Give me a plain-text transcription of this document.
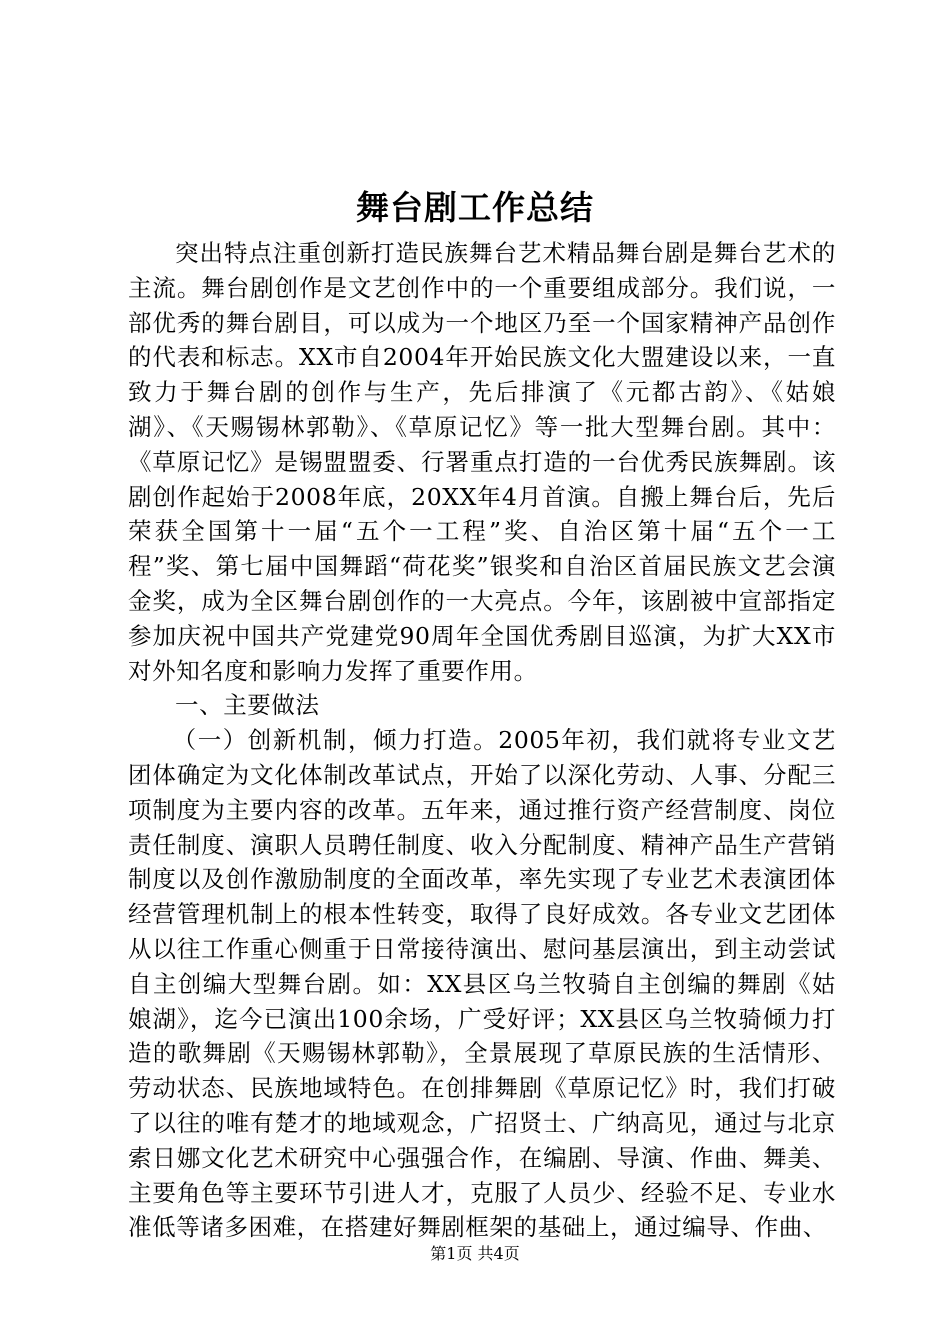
舞台剧工作总结

突出特点注重创新打造民族舞台艺术精品舞台剧是舞台艺术的主流。舞台剧创作是文艺创作中的一个重要组成部分。我们说，一部优秀的舞台剧目，可以成为一个地区乃至一个国家精神产品创作的代表和标志。XX市自2004年开始民族文化大盟建设以来，一直致力于舞台剧的创作与生产，先后排演了《元都古韵》、《姑娘湖》、《天赐锡林郭勒》、《草原记忆》等一批大型舞台剧。其中：《草原记忆》是锡盟盟委、行署重点打造的一台优秀民族舞剧。该剧创作起始于2008年底，20XX年4月首演。自搬上舞台后，先后荣获全国第十一届“五个一工程”奖、自治区第十届“五个一工程”奖、第七届中国舞蹈“荷花奖”银奖和自治区首届民族文艺会演金奖，成为全区舞台剧创作的一大亮点。今年，该剧被中宣部指定参加庆祝中国共产党建党90周年全国优秀剧目巡演，为扩大XX市对外知名度和影响力发挥了重要作用。

一、主要做法

（一）创新机制，倾力打造。2005年初，我们就将专业文艺团体确定为文化体制改革试点，开始了以深化劳动、人事、分配三项制度为主要内容的改革。五年来，通过推行资产经营制度、岗位责任制度、演职人员聘任制度、收入分配制度、精神产品生产营销制度以及创作激励制度的全面改革，率先实现了专业艺术表演团体经营管理机制上的根本性转变，取得了良好成效。各专业文艺团体从以往工作重心侧重于日常接待演出、慰问基层演出，到主动尝试自主创编大型舞台剧。如：XX县区乌兰牧骑自主创编的舞剧《姑娘湖》，迄今已演出100余场，广受好评；XX县区乌兰牧骑倾力打造的歌舞剧《天赐锡林郭勒》，全景展现了草原民族的生活情形、劳动状态、民族地域特色。在创排舞剧《草原记忆》时，我们打破了以往的唯有楚才的地域观念，广招贤士、广纳高见，通过与北京索日娜文化艺术研究中心强强合作，在编剧、导演、作曲、舞美、主要角色等主要环节引进人才，克服了人员少、经验不足、专业水准低等诸多困难，在搭建好舞剧框架的基础上，通过编导、作曲、

第1页 共4页
